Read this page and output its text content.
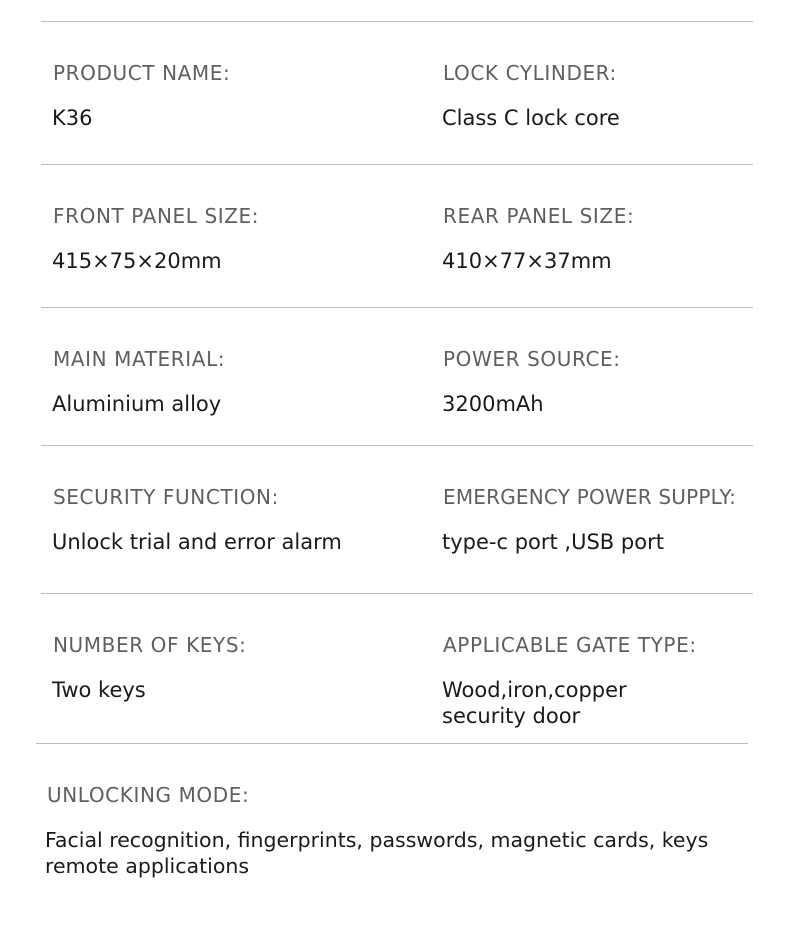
PRODUCT NAME:
K36
LOCK CYLINDER:
Class C lock core
FRONT PANEL SIZE:
415×75×20mm
REAR PANEL SIZE:
410×77×37mm
MAIN MATERIAL:
Aluminium alloy
POWER SOURCE:
3200mAh
SECURITY FUNCTION:
Unlock trial and error alarm
EMERGENCY POWER SUPPLY:
type-c port ,USB port
NUMBER OF KEYS:
Two keys
APPLICABLE GATE TYPE:
Wood,iron,copper
security door
UNLOCKING MODE:
Facial recognition, fingerprints, passwords, magnetic cards, keys
remote applications
